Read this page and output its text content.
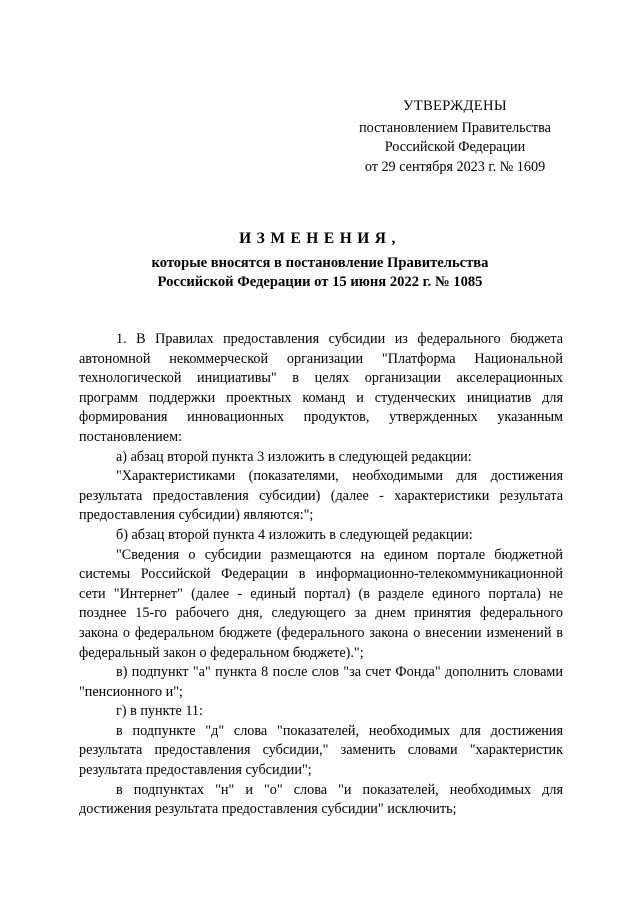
УТВЕРЖДЕНЫ
постановлением Правительства
Российской Федерации
от 29 сентября 2023 г. № 1609
ИЗМЕНЕНИЯ,
которые вносятся в постановление Правительства
Российской Федерации от 15 июня 2022 г. № 1085

1. В Правилах предоставления субсидии из федерального бюджета автономной некоммерческой организации "Платформа Национальной технологической инициативы" в целях организации акселерационных программ поддержки проектных команд и студенческих инициатив для формирования инновационных продуктов, утвержденных указанным постановлением:

а) абзац второй пункта 3 изложить в следующей редакции:

"Характеристиками (показателями, необходимыми для достижения результата предоставления субсидии) (далее - характеристики результата предоставления субсидии) являются:";

б) абзац второй пункта 4 изложить в следующей редакции:

"Сведения о субсидии размещаются на едином портале бюджетной системы Российской Федерации в информационно-телекоммуникационной сети "Интернет" (далее - единый портал) (в разделе единого портала) не позднее 15-го рабочего дня, следующего за днем принятия федерального закона о федеральном бюджете (федерального закона о внесении изменений в федеральный закон о федеральном бюджете).";

в) подпункт "а" пункта 8 после слов "за счет Фонда" дополнить словами "пенсионного и";

г) в пункте 11:

в подпункте "д" слова "показателей, необходимых для достижения результата предоставления субсидии," заменить словами "характеристик результата предоставления субсидии";

в подпунктах "н" и "о" слова "и показателей, необходимых для достижения результата предоставления субсидии" исключить;
